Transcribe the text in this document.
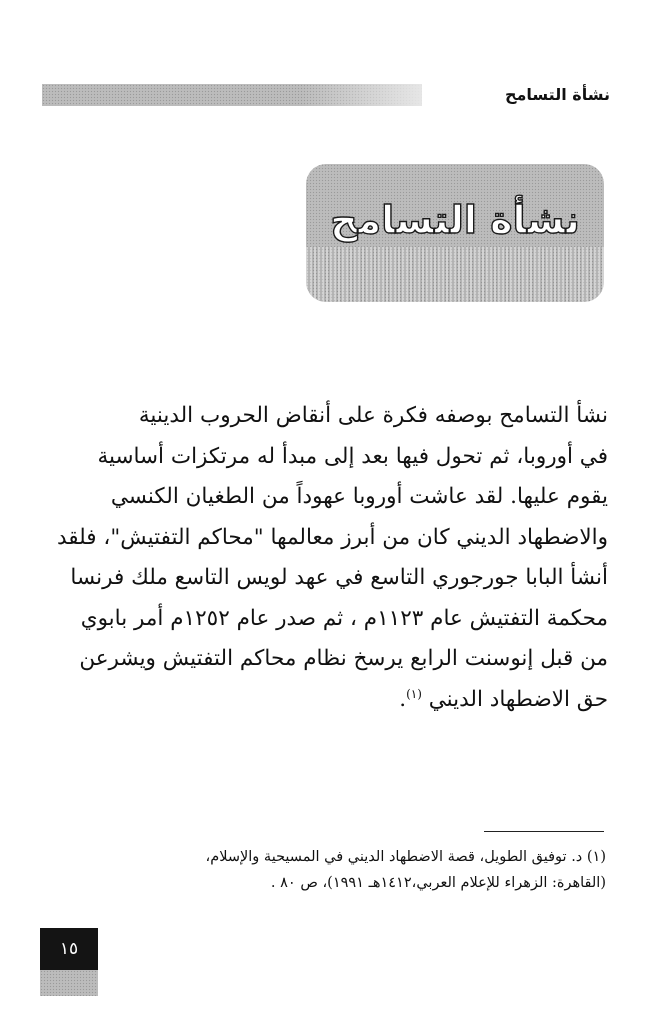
نشأة التسامح
نشأة التسامح
نشأ التسامح بوصفه فكرة على أنقاض الحروب الدينية
في أوروبا، ثم تحول فيها بعد إلى مبدأ له مرتكزات أساسية
يقوم عليها. لقد عاشت أوروبا عهوداً من الطغيان الكنسي
والاضطهاد الديني كان من أبرز معالمها "محاكم التفتيش"، فلقد
أنشأ البابا جورجوري التاسع في عهد لويس التاسع ملك فرنسا
محكمة التفتيش عام ١١٢٣م ، ثم صدر عام ١٢٥٢م أمر بابوي
من قبل إنوسنت الرابع يرسخ نظام محاكم التفتيش ويشرعن
حق الاضطهاد الديني $^{(١)}$.
(١) د. توفيق الطويل، قصة الاضطهاد الديني في المسيحية والإسلام،
(القاهرة: الزهراء للإعلام العربي،١٤١٢هـ ١٩٩١)، ص ٨٠ .
١٥
